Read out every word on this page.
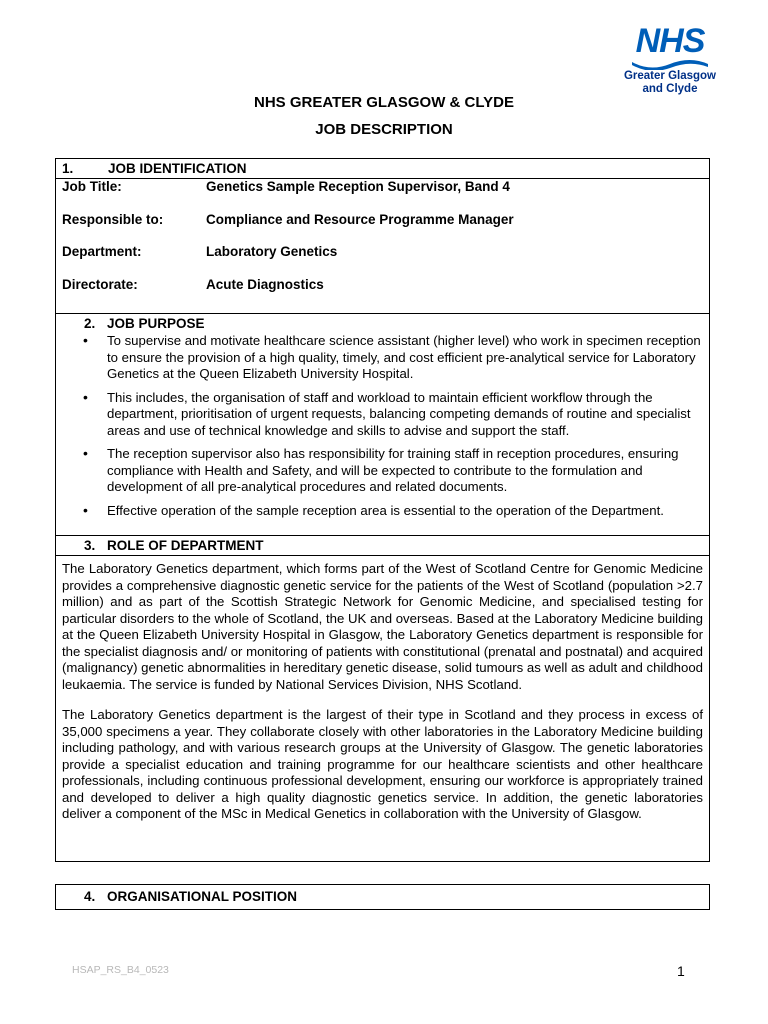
NHS
Greater Glasgow
and Clyde
NHS GREATER GLASGOW & CLYDE
JOB DESCRIPTION
1.	JOB IDENTIFICATION
Job Title:	Genetics Sample Reception Supervisor, Band 4
Responsible to:	Compliance and Resource Programme Manager
Department:	Laboratory Genetics
Directorate:	Acute Diagnostics
2. JOB PURPOSE
• To supervise and motivate healthcare science assistant (higher level) who work in specimen reception to ensure the provision of a high quality, timely, and cost efficient pre-analytical service for Laboratory Genetics at the Queen Elizabeth University Hospital.
• This includes, the organisation of staff and workload to maintain efficient workflow through the department, prioritisation of urgent requests, balancing competing demands of routine and specialist areas and use of technical knowledge and skills to advise and support the staff.
• The reception supervisor also has responsibility for training staff in reception procedures, ensuring compliance with Health and Safety, and will be expected to contribute to the formulation and development of all pre-analytical procedures and related documents.
• Effective operation of the sample reception area is essential to the operation of the Department.
3. ROLE OF DEPARTMENT

The Laboratory Genetics department, which forms part of the West of Scotland Centre for Genomic Medicine provides a comprehensive diagnostic genetic service for the patients of the West of Scotland (population >2.7 million) and as part of the Scottish Strategic Network for Genomic Medicine, and specialised testing for particular disorders to the whole of Scotland, the UK and overseas. Based at the Laboratory Medicine building at the Queen Elizabeth University Hospital in Glasgow, the Laboratory Genetics department is responsible for the specialist diagnosis and/ or monitoring of patients with constitutional (prenatal and postnatal) and acquired (malignancy) genetic abnormalities in hereditary genetic disease, solid tumours as well as adult and childhood leukaemia. The service is funded by National Services Division, NHS Scotland.

The Laboratory Genetics department is the largest of their type in Scotland and they process in excess of 35,000 specimens a year. They collaborate closely with other laboratories in the Laboratory Medicine building including pathology, and with various research groups at the University of Glasgow. The genetic laboratories provide a specialist education and training programme for our healthcare scientists and other healthcare professionals, including continuous professional development, ensuring our workforce is appropriately trained and developed to deliver a high quality diagnostic genetics service. In addition, the genetic laboratories deliver a component of the MSc in Medical Genetics in collaboration with the University of Glasgow.

4. ORGANISATIONAL POSITION
HSAP_RS_B4_0523	1
